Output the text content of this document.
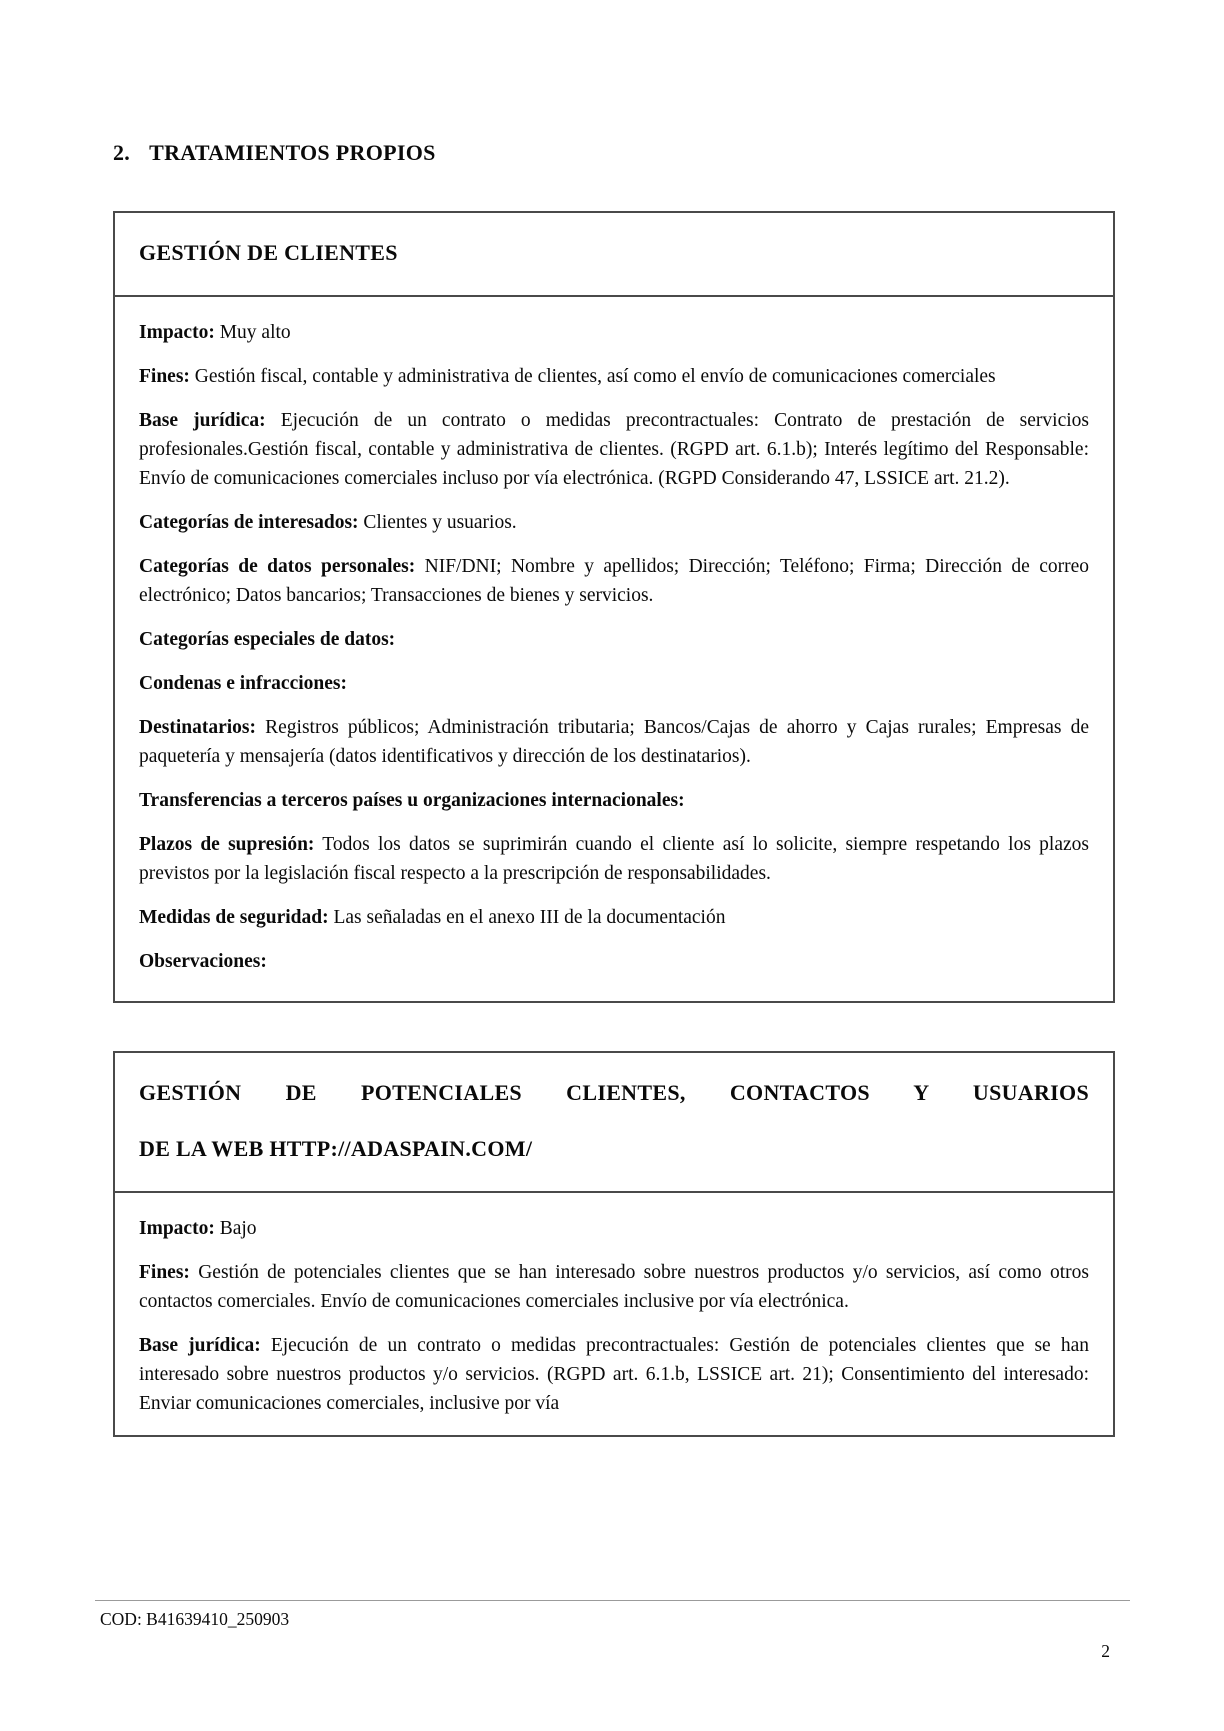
2. TRATAMIENTOS PROPIOS
GESTIÓN DE CLIENTES

Impacto: Muy alto

Fines: Gestión fiscal, contable y administrativa de clientes, así como el envío de comunicaciones comerciales

Base jurídica: Ejecución de un contrato o medidas precontractuales: Contrato de prestación de servicios profesionales.Gestión fiscal, contable y administrativa de clientes. (RGPD art. 6.1.b); Interés legítimo del Responsable: Envío de comunicaciones comerciales incluso por vía electrónica. (RGPD Considerando 47, LSSICE art. 21.2).

Categorías de interesados: Clientes y usuarios.

Categorías de datos personales: NIF/DNI; Nombre y apellidos; Dirección; Teléfono; Firma; Dirección de correo electrónico; Datos bancarios; Transacciones de bienes y servicios.

Categorías especiales de datos:

Condenas e infracciones:

Destinatarios: Registros públicos; Administración tributaria; Bancos/Cajas de ahorro y Cajas rurales; Empresas de paquetería y mensajería (datos identificativos y dirección de los destinatarios).

Transferencias a terceros países u organizaciones internacionales:

Plazos de supresión: Todos los datos se suprimirán cuando el cliente así lo solicite, siempre respetando los plazos previstos por la legislación fiscal respecto a la prescripción de responsabilidades.

Medidas de seguridad: Las señaladas en el anexo III de la documentación

Observaciones:

GESTIÓN DE POTENCIALES CLIENTES, CONTACTOS Y USUARIOS
DE LA WEB HTTP://ADASPAIN.COM/

Impacto: Bajo

Fines: Gestión de potenciales clientes que se han interesado sobre nuestros productos y/o servicios, así como otros contactos comerciales. Envío de comunicaciones comerciales inclusive por vía electrónica.

Base jurídica: Ejecución de un contrato o medidas precontractuales: Gestión de potenciales clientes que se han interesado sobre nuestros productos y/o servicios. (RGPD art. 6.1.b, LSSICE art. 21); Consentimiento del interesado: Enviar comunicaciones comerciales, inclusive por vía

COD: B41639410_250903
2
